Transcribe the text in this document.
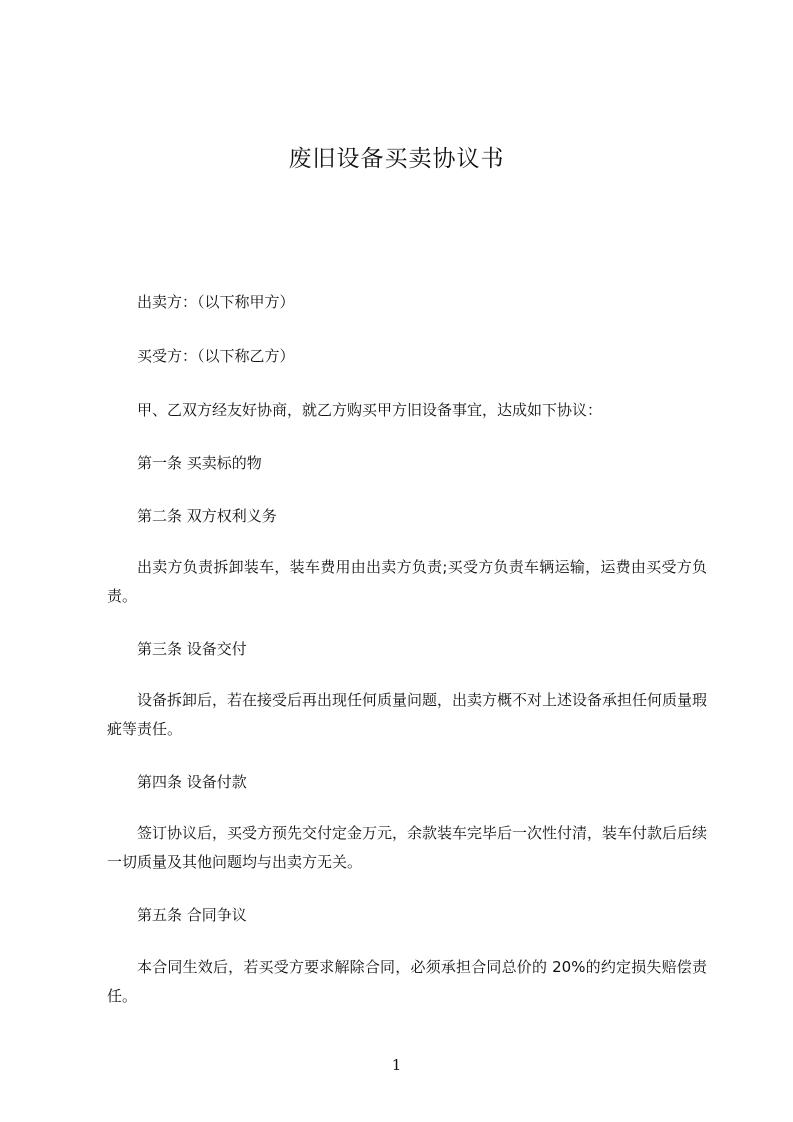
废旧设备买卖协议书
出卖方：（以下称甲方）
买受方：（以下称乙方）
甲、乙双方经友好协商，就乙方购买甲方旧设备事宜，达成如下协议：
第一条 买卖标的物
第二条 双方权利义务
出卖方负责拆卸装车，装车费用由出卖方负责;买受方负责车辆运输，运费由买受方负责。
第三条 设备交付
设备拆卸后，若在接受后再出现任何质量问题，出卖方概不对上述设备承担任何质量瑕疵等责任。
第四条 设备付款
签订协议后，买受方预先交付定金万元，余款装车完毕后一次性付清，装车付款后后续一切质量及其他问题均与出卖方无关。
第五条 合同争议
本合同生效后，若买受方要求解除合同，必须承担合同总价的 20%的约定损失赔偿责任。
1
